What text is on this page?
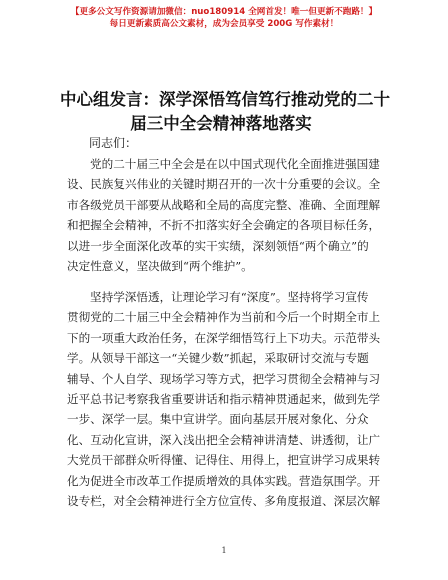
【更多公文写作资源请加微信：nuo180914 全网首发！唯一但更新不跑路！】
每日更新素质高公文素材，成为会员享受 200G 写作素材！
中心组发言：深学深悟笃信笃行推动党的二十
届三中全会精神落地落实
同志们：
党的二十届三中全会是在以中国式现代化全面推进强国建
设、民族复兴伟业的关键时期召开的一次十分重要的会议。全
市各级党员干部要从战略和全局的高度完整、准确、全面理解
和把握全会精神，不折不扣落实好全会确定的各项目标任务，
以进一步全面深化改革的实干实绩，深刻领悟“两个确立”的
决定性意义，坚决做到“两个维护”。
坚持学深悟透，让理论学习有“深度”。坚持将学习宣传
贯彻党的二十届三中全会精神作为当前和今后一个时期全市上
下的一项重大政治任务，在深学细悟笃行上下功夫。示范带头
学。从领导干部这一“关键少数”抓起，采取研讨交流与专题
辅导、个人自学、现场学习等方式，把学习贯彻全会精神与习
近平总书记考察我省重要讲话和指示精神贯通起来，做到先学
一步、深学一层。集中宣讲学。面向基层开展对象化、分众
化、互动化宣讲，深入浅出把全会精神讲清楚、讲透彻，让广
大党员干部群众听得懂、记得住、用得上，把宣讲学习成果转
化为促进全市改革工作提质增效的具体实践。营造氛围学。开
设专栏，对全会精神进行全方位宣传、多角度报道、深层次解
1
